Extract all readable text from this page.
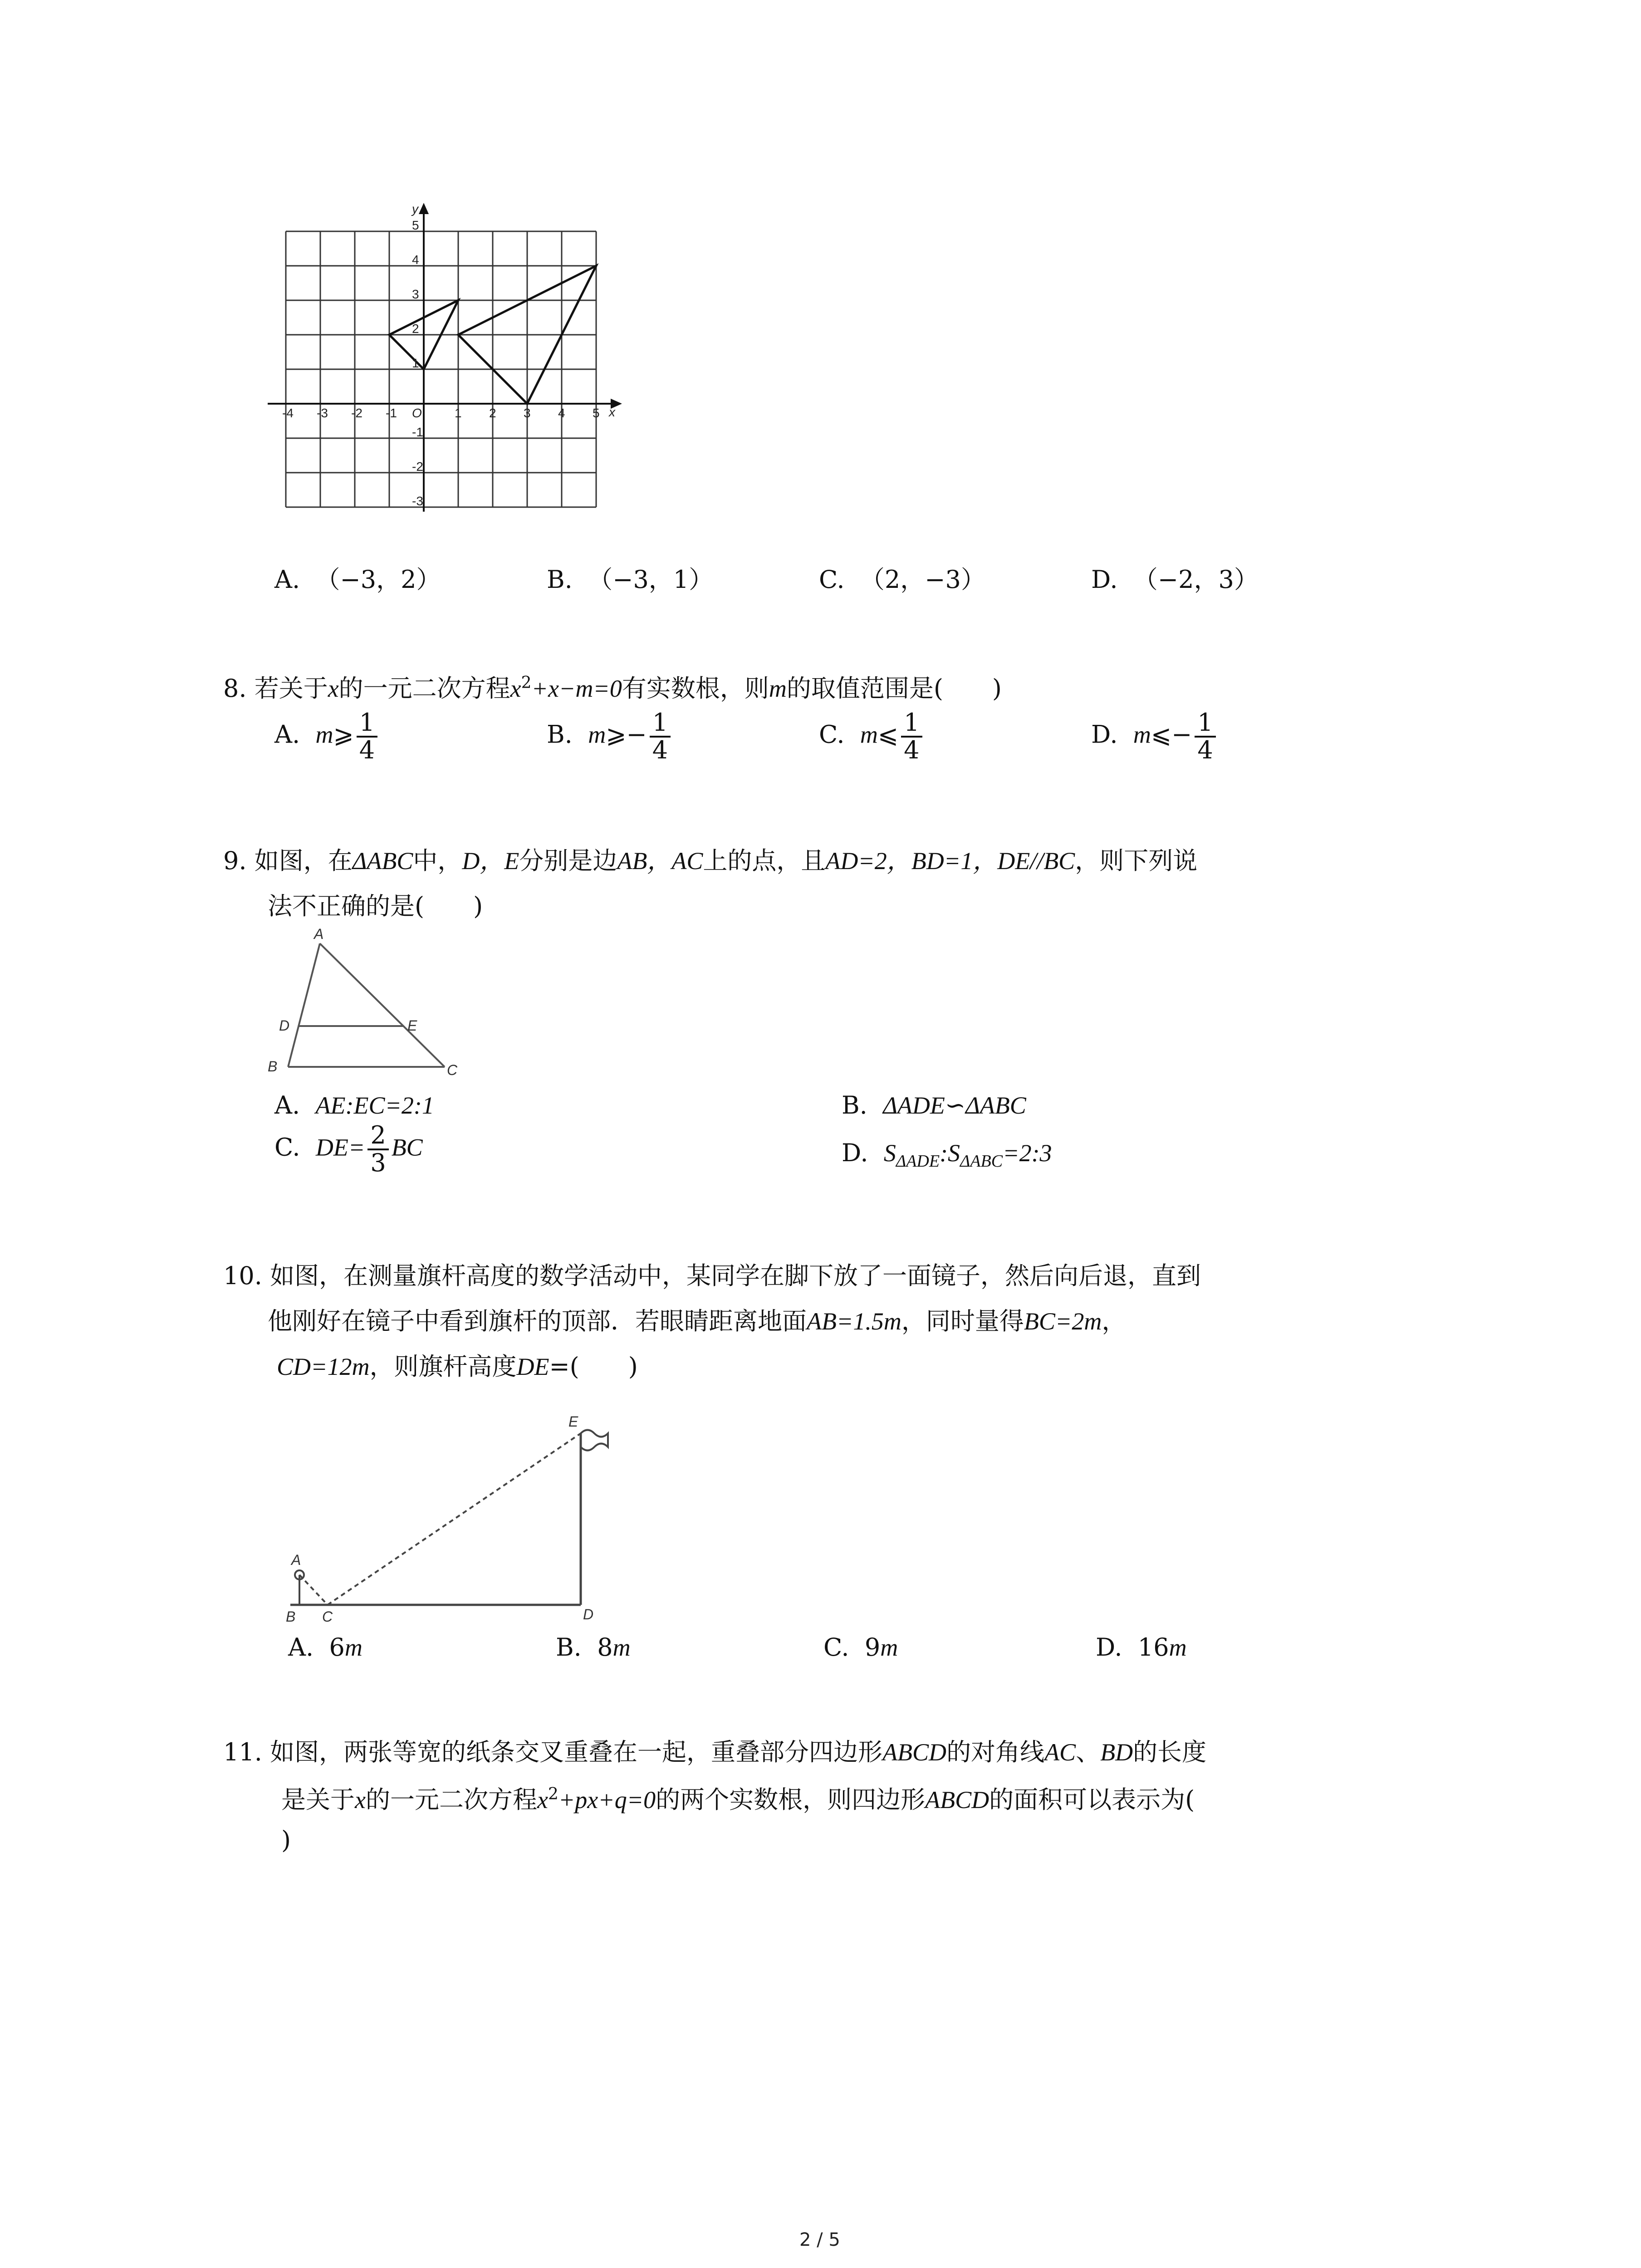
-4 -3 -2 -1 O	1 2 3 4 5
5
4
3
2
1
-1
-2
-3
x
y
A. （−3，2）	B. （−3，1）	C. （2，−3）	D. （−2，3）
8. 若关于x的一元二次方程$x^2+x-m=0$有实数根，则m的取值范围是(　　)
A. m⩾ $\frac{1}{4}$	B. m⩾− $\frac{1}{4}$	C. m⩽ $\frac{1}{4}$	D. m⩽− $\frac{1}{4}$
9. 如图，在ΔABC中，D，E分别是边AB，AC上的点，且AD=2，BD=1，DE//BC，则下列说
法不正确的是(　　)
A
D	E
B	C
A. AE:EC=2:1	B. ΔADE∽ΔABC
C. $DE= \frac{2}{3}$ BC	D. $S_{\Delta ADE}:S_{\Delta ABC}=2:3$
10. 如图，在测量旗杆高度的数学活动中，某同学在脚下放了一面镜子，然后向后退，直到
他刚好在镜子中看到旗杆的顶部．若眼睛距离地面AB=1.5m，同时量得BC=2m，
CD=12m，则旗杆高度DE=(　　)
A
B C	D
E
A. 6m	B. 8m	C. 9m	D. 16m
11. 如图，两张等宽的纸条交叉重叠在一起，重叠部分四边形ABCD的对角线AC、BD的长度
是关于x的一元二次方程$x^2+px+q=0$的两个实数根，则四边形ABCD的面积可以表示为(
)
2 / 5
